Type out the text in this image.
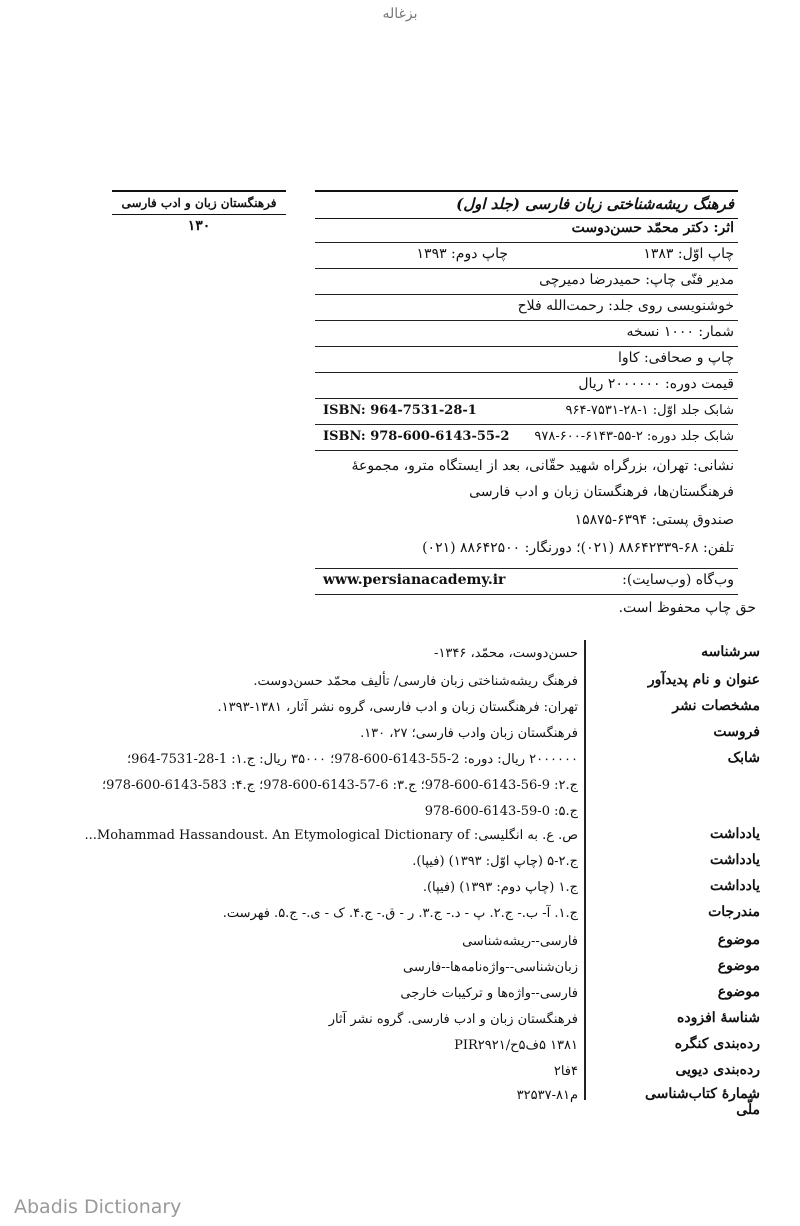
بزغاله
فرهنگستان زبان و ادب فارسی
۱۳۰
فرهنگ ریشه‌شناختی زبان فارسی (جلد اول)
اثر: دکتر محمّد حسن‌دوست
چاپ اوّل: ۱۳۸۳
چاپ دوم: ۱۳۹۳
مدیر فنّی چاپ: حمیدرضا دمیرچی
خوشنویسی روی جلد: رحمت‌الله فلاح
شمار: ۱۰۰۰ نسخه
چاپ و صحافی: کاوا
قیمت دوره: ۲۰۰۰۰۰۰ ریال
شابک جلد اوّل: ۱-۲۸-۷۵۳۱-۹۶۴
ISBN: 964-7531-28-1
شابک جلد دوره: ۲-۵۵-۶۱۴۳-۶۰۰-۹۷۸
ISBN: 978-600-6143-55-2
نشانی: تهران، بزرگراه شهید حقّانی، بعد از ایستگاه مترو، مجموعهٔ
فرهنگستان‌ها، فرهنگستان زبان و ادب فارسی
صندوق پستی: ۶۳۹۴-۱۵۸۷۵
تلفن: ۶۸-۸۸۶۴۲۳۳۹ (۰۲۱)؛ دورنگار: ۸۸۶۴۲۵۰۰ (۰۲۱)
وب‌گاه (وب‌سایت):
www.persianacademy.ir
حق چاپ محفوظ است.
سرشناسه
حسن‌دوست، محمّد، ۱۳۴۶-
عنوان و نام پدیدآور
فرهنگ ریشه‌شناختی زبان فارسی/ تألیف محمّد حسن‌دوست.
مشخصات نشر
تهران: فرهنگستان زبان و ادب فارسی، گروه نشر آثار، ۱۳۸۱-۱۳۹۳.
فروست
فرهنگستان زبان وادب فارسی؛ ۲۷، ۱۳۰.
شابک
۲۰۰۰۰۰۰ ریال: دوره: 2-55-6143-600-978؛ ۳۵۰۰۰ ریال: ج.۱: 1-28-7531-964؛
ج.۲: 9-56-6143-600-978؛ ج.۳: 6-57-6143-600-978؛ ج.۴: 583-6143-600-978؛
ج.۵: 0-59-6143-600-978
یادداشت
ص. ع. به انگلیسی: Mohammad Hassandoust. An Etymological Dictionary of...
یادداشت
ج.۲-۵ (چاپ اوّل: ۱۳۹۳) (فیپا).
یادداشت
ج.۱ (چاپ دوم: ۱۳۹۳) (فیپا).
مندرجات
ج.۱. آ- ب.- ج.۲. پ - د.- ج.۳. ر - ق.- ج.۴. ک - ی.- ج.۵. فهرست.
موضوع
فارسی--ریشه‌شناسی
موضوع
زبان‌شناسی--واژه‌نامه‌ها--فارسی
موضوع
فارسی--واژه‌ها و ترکیبات خارجی
شناسهٔ افزوده
فرهنگستان زبان و ادب فارسی. گروه نشر آثار
رده‌بندی کنگره
۱۳۸۱ ۵ف۵ح/PIR۲۹۲۱
رده‌بندی دیویی
۴فا۲
شمارهٔ کتاب‌شناسی ملّی
م۸۱-۳۲۵۳۷
Abadis Dictionary
